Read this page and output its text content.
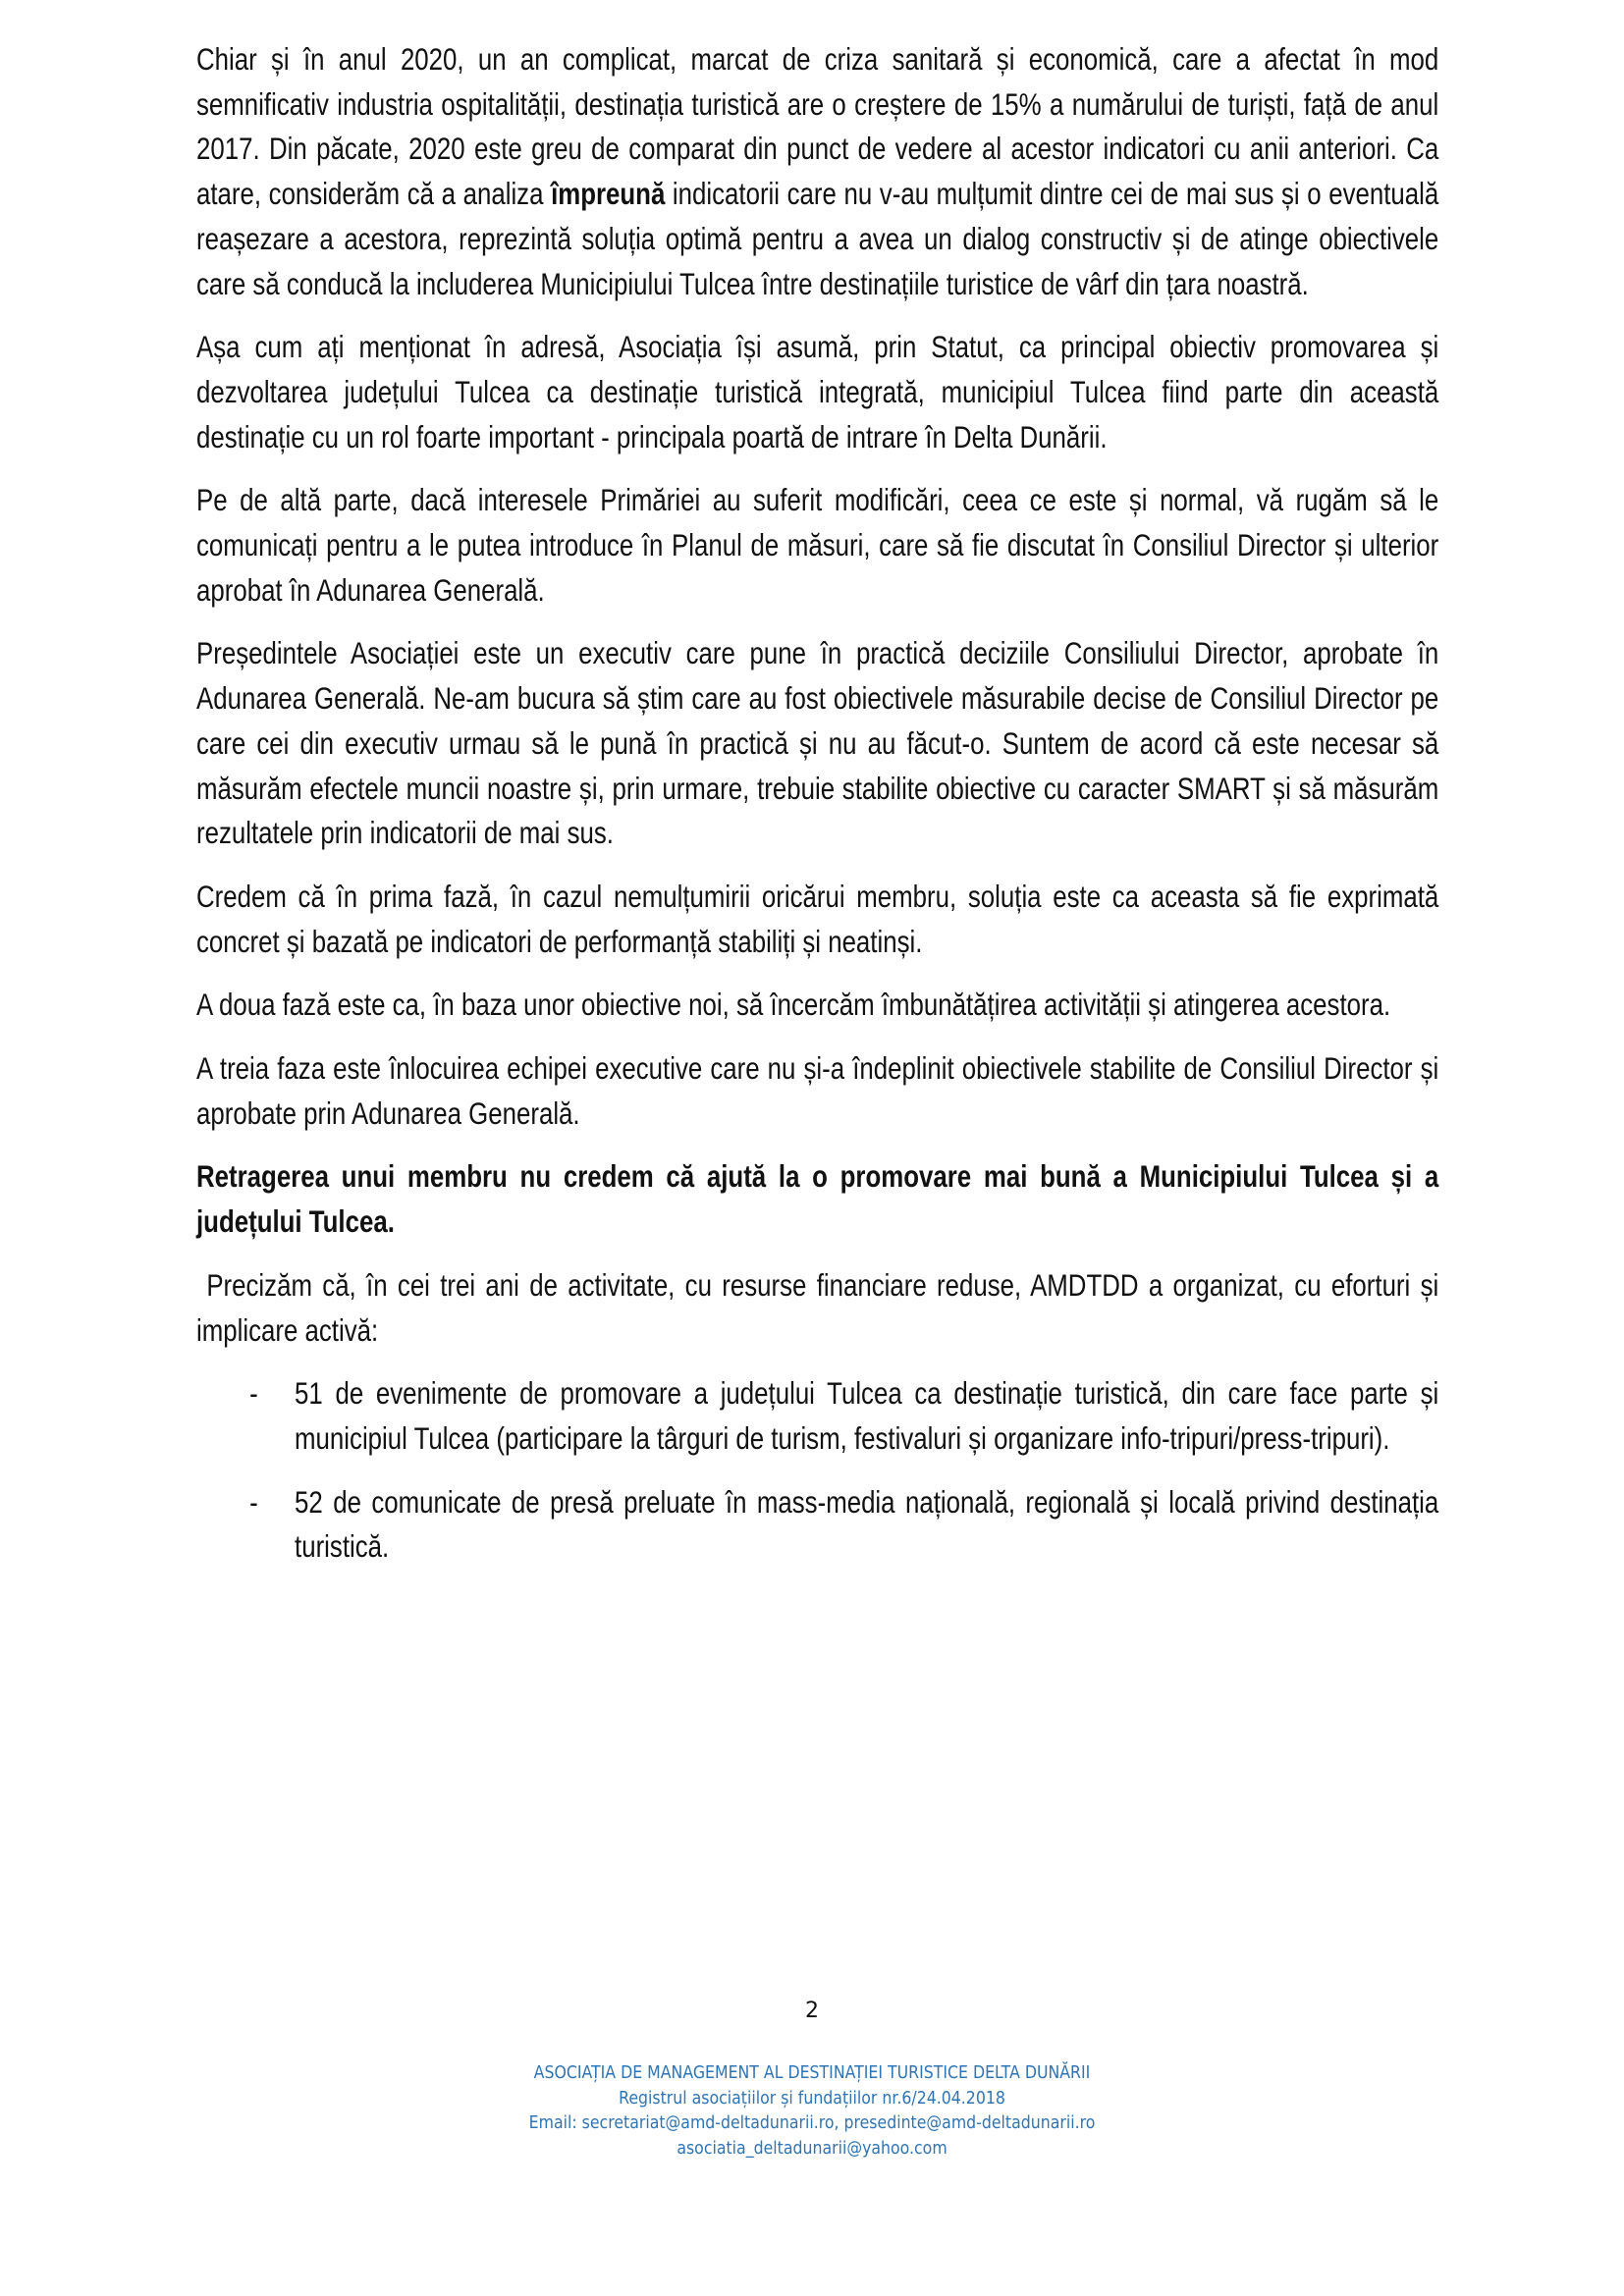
Chiar și în anul 2020, un an complicat, marcat de criza sanitară și economică, care a afectat în mod semnificativ industria ospitalității, destinația turistică are o creștere de 15% a numărului de turiști, față de anul 2017. Din păcate, 2020 este greu de comparat din punct de vedere al acestor indicatori cu anii anteriori. Ca atare, considerăm că a analiza împreună indicatorii care nu v-au mulțumit dintre cei de mai sus și o eventuală reașezare a acestora, reprezintă soluția optimă pentru a avea un dialog constructiv și de atinge obiectivele care să conducă la includerea Municipiului Tulcea între destinațiile turistice de vârf din țara noastră.

Așa cum ați menționat în adresă, Asociația își asumă, prin Statut, ca principal obiectiv promovarea și dezvoltarea județului Tulcea ca destinație turistică integrată, municipiul Tulcea fiind parte din această destinație cu un rol foarte important - principala poartă de intrare în Delta Dunării.

Pe de altă parte, dacă interesele Primăriei au suferit modificări, ceea ce este și normal, vă rugăm să le comunicați pentru a le putea introduce în Planul de măsuri, care să fie discutat în Consiliul Director și ulterior aprobat în Adunarea Generală.

Președintele Asociației este un executiv care pune în practică deciziile Consiliului Director, aprobate în Adunarea Generală. Ne-am bucura să știm care au fost obiectivele măsurabile decise de Consiliul Director pe care cei din executiv urmau să le pună în practică și nu au făcut-o. Suntem de acord că este necesar să măsurăm efectele muncii noastre și, prin urmare, trebuie stabilite obiective cu caracter SMART și să măsurăm rezultatele prin indicatorii de mai sus.

Credem că în prima fază, în cazul nemulțumirii oricărui membru, soluția este ca aceasta să fie exprimată concret și bazată pe indicatori de performanță stabiliți și neatinși.

A doua fază este ca, în baza unor obiective noi, să încercăm îmbunătățirea activității și atingerea acestora.

A treia faza este înlocuirea echipei executive care nu și-a îndeplinit obiectivele stabilite de Consiliul Director și aprobate prin Adunarea Generală.

Retragerea unui membru nu credem că ajută la o promovare mai bună a Municipiului Tulcea și a județului Tulcea.

Precizăm că, în cei trei ani de activitate, cu resurse financiare reduse, AMDTDD a organizat, cu eforturi și implicare activă:

- 51 de evenimente de promovare a județului Tulcea ca destinație turistică, din care face parte și municipiul Tulcea (participare la târguri de turism, festivaluri și organizare info-tripuri/press-tripuri).
- 52 de comunicate de presă preluate în mass-media națională, regională și locală privind destinația turistică.
2
ASOCIAȚIA DE MANAGEMENT AL DESTINAȚIEI TURISTICE DELTA DUNĂRII
Registrul asociațiilor și fundațiilor nr.6/24.04.2018
Email: secretariat@amd-deltadunarii.ro, presedinte@amd-deltadunarii.ro
asociatia_deltadunarii@yahoo.com
